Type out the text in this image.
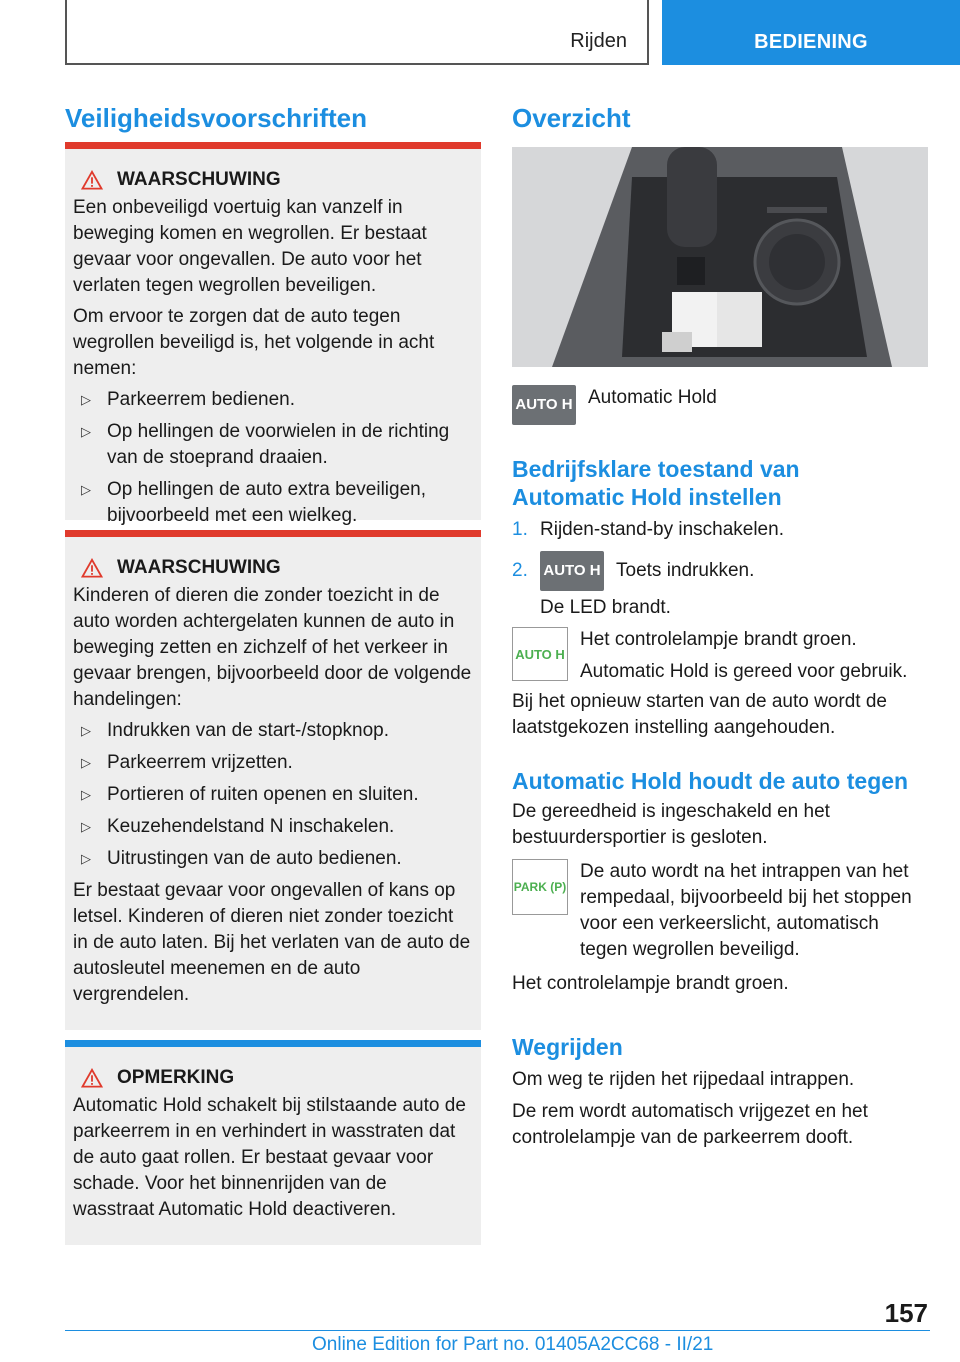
Rijden	BEDIENING
Veiligheidsvoorschriften
WAARSCHUWING

Een onbeveiligd voertuig kan vanzelf in beweging komen en wegrollen. Er bestaat gevaar voor ongevallen. De auto voor het verlaten tegen wegrollen beveiligen.

Om ervoor te zorgen dat de auto tegen wegrollen beveiligd is, het volgende in acht nemen:

▷ Parkeerrem bedienen.
▷ Op hellingen de voorwielen in de richting van de stoeprand draaien.
▷ Op hellingen de auto extra beveiligen, bijvoorbeeld met een wielkeg.
WAARSCHUWING

Kinderen of dieren die zonder toezicht in de auto worden achtergelaten kunnen de auto in beweging zetten en zichzelf of het verkeer in gevaar brengen, bijvoorbeeld door de volgende handelingen:

▷ Indrukken van de start-/stopknop.
▷ Parkeerrem vrijzetten.
▷ Portieren of ruiten openen en sluiten.
▷ Keuzehendelstand N inschakelen.
▷ Uitrustingen van de auto bedienen.

Er bestaat gevaar voor ongevallen of kans op letsel. Kinderen of dieren niet zonder toezicht in de auto laten. Bij het verlaten van de auto de autosleutel meenemen en de auto vergrendelen.

OPMERKING

Automatic Hold schakelt bij stilstaande auto de parkeerrem in en verhindert in wasstraten dat de auto gaat rollen. Er bestaat gevaar voor schade. Voor het binnenrijden van de wasstraat Automatic Hold deactiveren.

Overzicht
AUTO H Automatic Hold
Bedrijfsklare toestand van Automatic Hold instellen
1. Rijden-stand-by inschakelen.
2.	AUTO H Toets indrukken.
De LED brandt.
AUTO H
Het controlelampje brandt groen.
Automatic Hold is gereed voor gebruik.
Bij het opnieuw starten van de auto wordt de laatstgekozen instelling aangehouden.
Automatic Hold houdt de auto tegen
De gereedheid is ingeschakeld en het bestuurdersportier is gesloten.
PARK (P)
De auto wordt na het intrappen van het rempedaal, bijvoorbeeld bij het stoppen voor een verkeerslicht, automatisch tegen wegrollen beveiligd.
Het controlelampje brandt groen.
Wegrijden
Om weg te rijden het rijpedaal intrappen.
De rem wordt automatisch vrijgezet en het controlelampje van de parkeerrem dooft.
157
Online Edition for Part no. 01405A2CC68 - II/21
